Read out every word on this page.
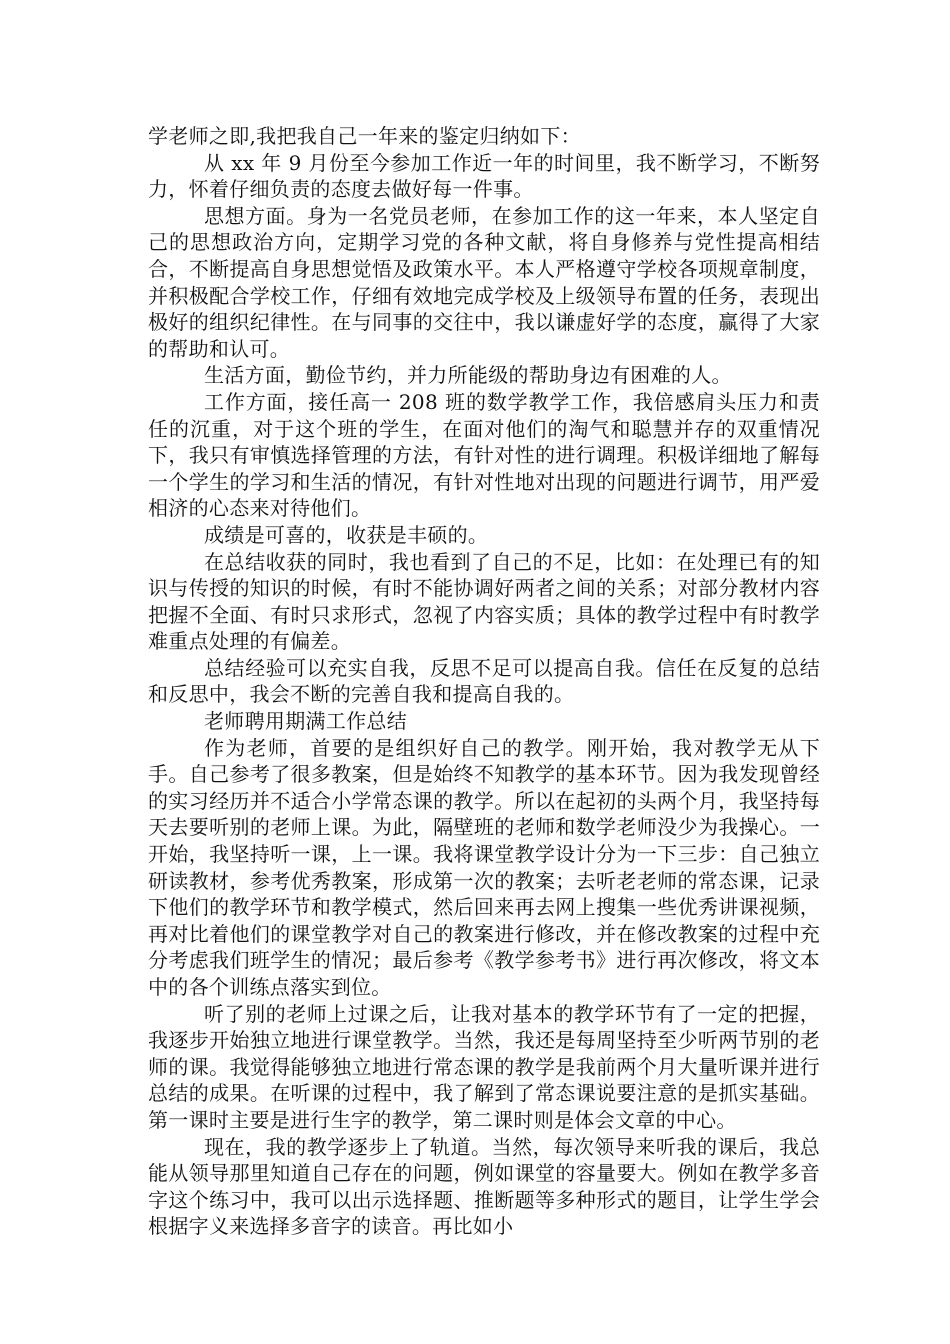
学老师之即,我把我自己一年来的鉴定归纳如下：

从 xx 年 9 月份至今参加工作近一年的时间里，我不断学习，不断努力，怀着仔细负责的态度去做好每一件事。

思想方面。身为一名党员老师，在参加工作的这一年来，本人坚定自己的思想政治方向，定期学习党的各种文献，将自身修养与党性提高相结合，不断提高自身思想觉悟及政策水平。本人严格遵守学校各项规章制度，并积极配合学校工作，仔细有效地完成学校及上级领导布置的任务，表现出极好的组织纪律性。在与同事的交往中，我以谦虚好学的态度，赢得了大家的帮助和认可。

生活方面，勤俭节约，并力所能级的帮助身边有困难的人。

工作方面，接任高一 208 班的数学教学工作，我倍感肩头压力和责任的沉重，对于这个班的学生，在面对他们的淘气和聪慧并存的双重情况下，我只有审慎选择管理的方法，有针对性的进行调理。积极详细地了解每一个学生的学习和生活的情况，有针对性地对出现的问题进行调节，用严爱相济的心态来对待他们。

成绩是可喜的，收获是丰硕的。

在总结收获的同时，我也看到了自己的不足，比如：在处理已有的知识与传授的知识的时候，有时不能协调好两者之间的关系；对部分教材内容把握不全面、有时只求形式，忽视了内容实质；具体的教学过程中有时教学难重点处理的有偏差。

总结经验可以充实自我，反思不足可以提高自我。信任在反复的总结和反思中，我会不断的完善自我和提高自我的。

老师聘用期满工作总结

作为老师，首要的是组织好自己的教学。刚开始，我对教学无从下手。自己参考了很多教案，但是始终不知教学的基本环节。因为我发现曾经的实习经历并不适合小学常态课的教学。所以在起初的头两个月，我坚持每天去要听别的老师上课。为此，隔壁班的老师和数学老师没少为我操心。一开始，我坚持听一课，上一课。我将课堂教学设计分为一下三步：自己独立研读教材，参考优秀教案，形成第一次的教案；去听老老师的常态课，记录下他们的教学环节和教学模式，然后回来再去网上搜集一些优秀讲课视频，再对比着他们的课堂教学对自己的教案进行修改，并在修改教案的过程中充分考虑我们班学生的情况；最后参考《教学参考书》进行再次修改，将文本中的各个训练点落实到位。

听了别的老师上过课之后，让我对基本的教学环节有了一定的把握，我逐步开始独立地进行课堂教学。当然，我还是每周坚持至少听两节别的老师的课。我觉得能够独立地进行常态课的教学是我前两个月大量听课并进行总结的成果。在听课的过程中，我了解到了常态课说要注意的是抓实基础。第一课时主要是进行生字的教学，第二课时则是体会文章的中心。

现在，我的教学逐步上了轨道。当然，每次领导来听我的课后，我总能从领导那里知道自己存在的问题，例如课堂的容量要大。例如在教学多音字这个练习中，我可以出示选择题、推断题等多种形式的题目，让学生学会根据字义来选择多音字的读音。再比如小
